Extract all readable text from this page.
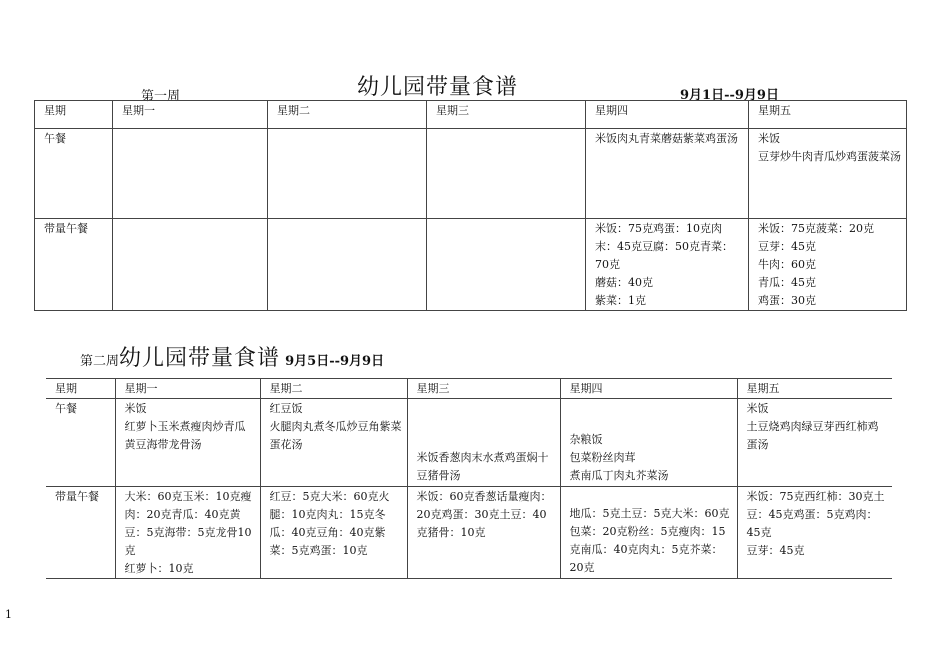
第一周	幼儿园带量食谱	9月1日--9月9日
星期	星期一	星期二	星期三	星期四	星期五
午餐				米饭肉丸青菜蘑菇紫菜鸡蛋汤	米饭
豆芽炒牛肉青瓜炒鸡蛋菠菜汤

带量午餐				米饭：75克鸡蛋：10克肉末：45克豆腐：50克青菜：70克
蘑菇：40克
紫菜：1克	米饭：75克菠菜：20克
豆芽：45克
牛肉：60克
青瓜：45克
鸡蛋：30克
第二周幼儿园带量食谱 9月5日--9月9日
星期	星期一	星期二	星期三	星期四	星期五
午餐	米饭
红萝卜玉米煮瘦肉炒青瓜
黄豆海带龙骨汤	红豆饭
火腿肉丸煮冬瓜炒豆角紫菜蛋花汤	米饭香葱肉末水煮鸡蛋焖十豆猪骨汤	杂粮饭
包菜粉丝肉茸
煮南瓜丁肉丸芥菜汤	米饭
土豆烧鸡肉绿豆芽西红柿鸡蛋汤

带量午餐	大米：60克玉米：10克瘦肉：20克青瓜：40克黄豆：5克海带：5克龙骨10克
红萝卜：10克	红豆：5克大米：60克火腿：10克肉丸：15克冬瓜：40克豆角：40克紫菜：5克鸡蛋：10克	米饭：60克香葱话量瘦肉：20克鸡蛋：30克土豆：40克猪骨：10克	地瓜：5克土豆：5克大米：60克包菜：20克粉丝：5克瘦肉：15克南瓜：40克肉丸：5克芥菜：20克	米饭：75克西红柿：30克土豆：45克鸡蛋：5克鸡肉：45克
豆芽：45克
1
